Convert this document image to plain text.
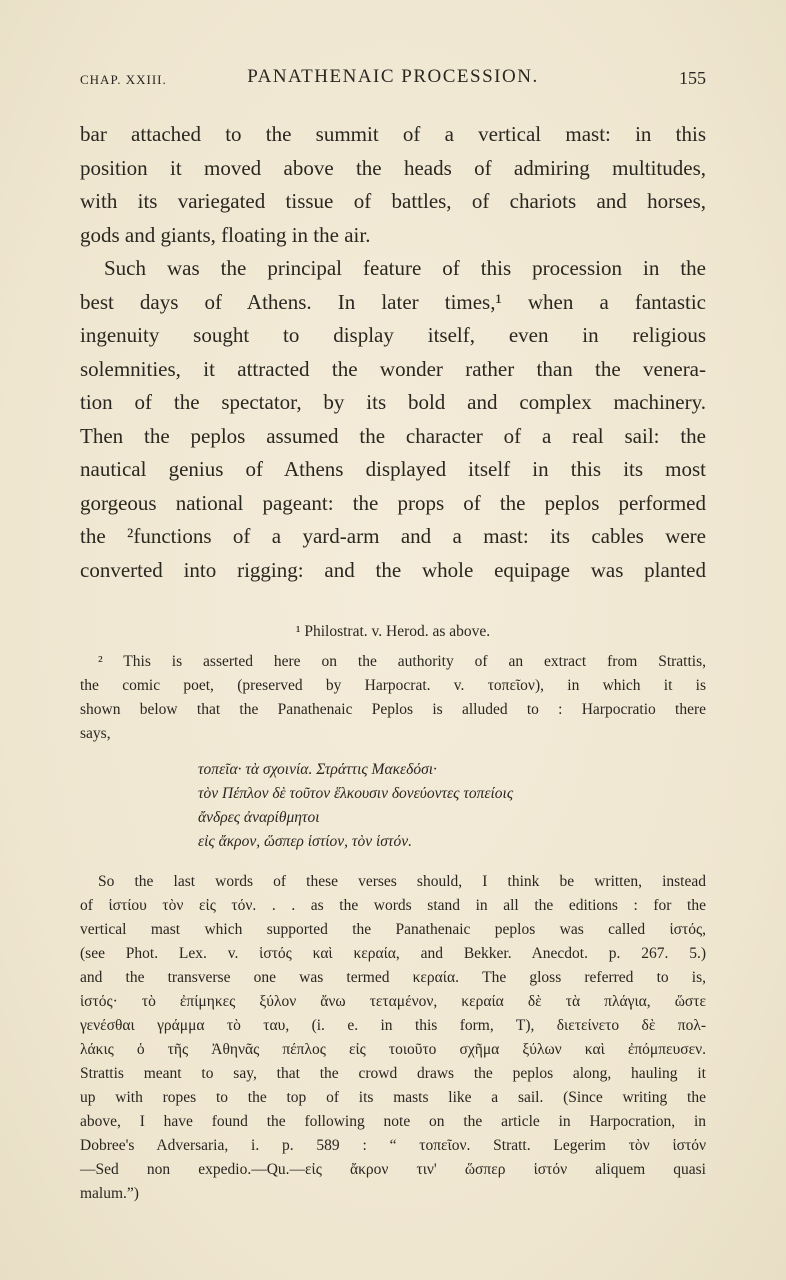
CHAP. XXIII.	PANATHENAIC PROCESSION.	155
bar attached to the summit of a vertical mast: in this
position it moved above the heads of admiring multitudes,
with its variegated tissue of battles, of chariots and horses,
gods and giants, floating in the air.
Such was the principal feature of this procession in the
best days of Athens. In later times,¹ when a fantastic
ingenuity sought to display itself, even in religious
solemnities, it attracted the wonder rather than the venera-
tion of the spectator, by its bold and complex machinery.
Then the peplos assumed the character of a real sail: the
nautical genius of Athens displayed itself in this its most
gorgeous national pageant: the props of the peplos performed
the ²functions of a yard-arm and a mast: its cables were
converted into rigging: and the whole equipage was planted
¹ Philostrat. v. Herod. as above.
² This is asserted here on the authority of an extract from Strattis,
the comic poet, (preserved by Harpocrat. v. τοπεῖον), in which it is
shown below that the Panathenaic Peplos is alluded to : Harpocratio there
says,
τοπεῖα· τὰ σχοινία. Στράττις Μακεδόσι·
τὸν Πέπλον δὲ τοῦτον ἕλκουσιν δονεύοντες τοπείοις
ἄνδρες ἀναρίθμητοι
εἰς ἄκρον, ὥσπερ ἱστίον, τὸν ἱστόν.
So the last words of these verses should, I think be written, instead
of ἱστίου τὸν εἰς τόν. . . as the words stand in all the editions : for the
vertical mast which supported the Panathenaic peplos was called ἱστός,
(see Phot. Lex. v. ἱστός καὶ κεραία, and Bekker. Anecdot. p. 267. 5.)
and the transverse one was termed κεραία. The gloss referred to is,
ἱστός· τὸ ἐπίμηκες ξύλον ἄνω τεταμένον, κεραία δὲ τὰ πλάγια, ὥστε
γενέσθαι γράμμα τὸ ταυ, (i. e. in this form, T), διετείνετο δὲ πολ-
λάκις ὁ τῆς Ἀθηνᾶς πέπλος εἰς τοιοῦτο σχῆμα ξύλων καὶ ἐπόμπευσεν.
Strattis meant to say, that the crowd draws the peplos along, hauling it
up with ropes to the top of its masts like a sail. (Since writing the
above, I have found the following note on the article in Harpocration, in
Dobree's Adversaria, i. p. 589 : “ τοπεῖον. Stratt. Legerim τὸν ἱστόν
—Sed non expedio.—Qu.—εἰς ἄκρον τιν' ὥσπερ ἱστόν aliquem quasi
malum.”)
